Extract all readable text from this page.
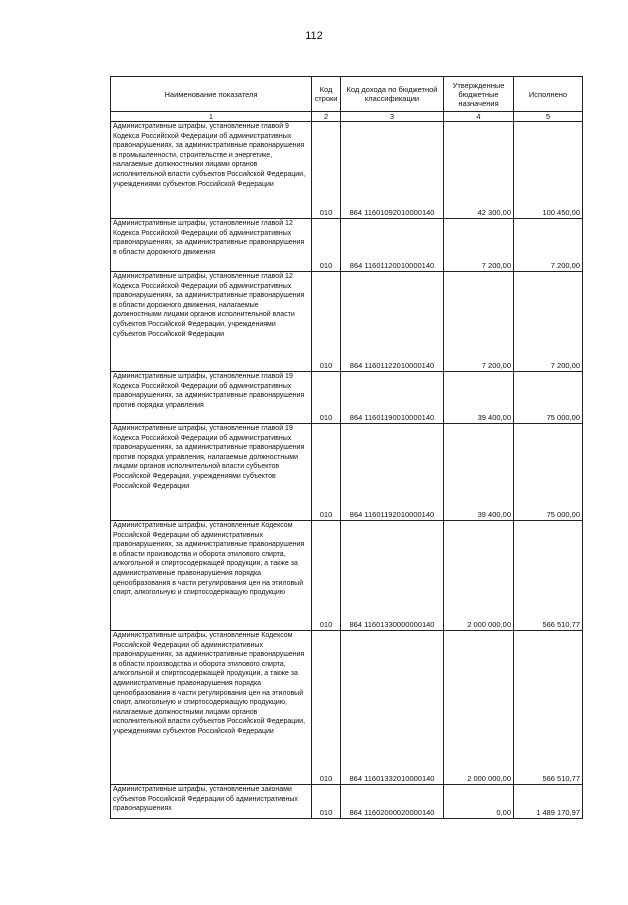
112
Наименование показателя	Код строки	Код дохода по бюджетной классификации	Утвержденные бюджетные назначения	Исполнено
1	2	3	4	5
Административные штрафы, установленные главой 9 Кодекса Российской Федерации об административных правонарушениях, за административные правонарушения в промышленности, строительстве и энергетике, налагаемые должностными лицами органов исполнительной власти субъектов Российской Федерации, учреждениями субъектов Российской Федерации	010	864 11601092010000140	42 300,00	100 450,00
Административные штрафы, установленные главой 12 Кодекса Российской Федерации об административных правонарушениях, за административные правонарушения в области дорожного движения	010	864 11601120010000140	7 200,00	7 200,00
Административные штрафы, установленные главой 12 Кодекса Российской Федерации об административных правонарушениях, за административные правонарушения в области дорожного движения, налагаемые должностными лицами органов исполнительной власти субъектов Российской Федерации, учреждениями субъектов Российской Федерации	010	864 11601122010000140	7 200,00	7 200,00
Административные штрафы, установленные главой 19 Кодекса Российской Федерации об административных правонарушениях, за административные правонарушения против порядка управления	010	864 11601190010000140	39 400,00	75 000,00
Административные штрафы, установленные главой 19 Кодекса Российской Федерации об административных правонарушениях, за административные правонарушения против порядка управления, налагаемые должностными лицами органов исполнительной власти субъектов Российской Федерации, учреждениями субъектов Российской Федерации	010	864 11601192010000140	39 400,00	75 000,00
Административные штрафы, установленные Кодексом Российской Федерации об административных правонарушениях, за административные правонарушения в области производства и оборота этилового спирта, алкогольной и спиртосодержащей продукции, а также за административные правонарушения порядка ценообразования в части регулирования цен на этиловый спирт, алкогольную и спиртосодержащую продукцию	010	864 11601330000000140	2 000 000,00	566 510,77
Административные штрафы, установленные Кодексом Российской Федерации об административных правонарушениях, за административные правонарушения в области производства и оборота этилового спирта, алкогольной и спиртосодержащей продукции, а также за административные правонарушения порядка ценообразования в части регулирования цен на этиловый спирт, алкогольную и спиртосодержащую продукцию, налагаемые должностными лицами органов исполнительной власти субъектов Российской Федерации, учреждениями субъектов Российской Федерации	010	864 11601332010000140	2 000 000,00	566 510,77
Административные штрафы, установленные законами субъектов Российской Федерации об административных правонарушениях	010	864 11602000020000140	0,00	1 489 170,97
